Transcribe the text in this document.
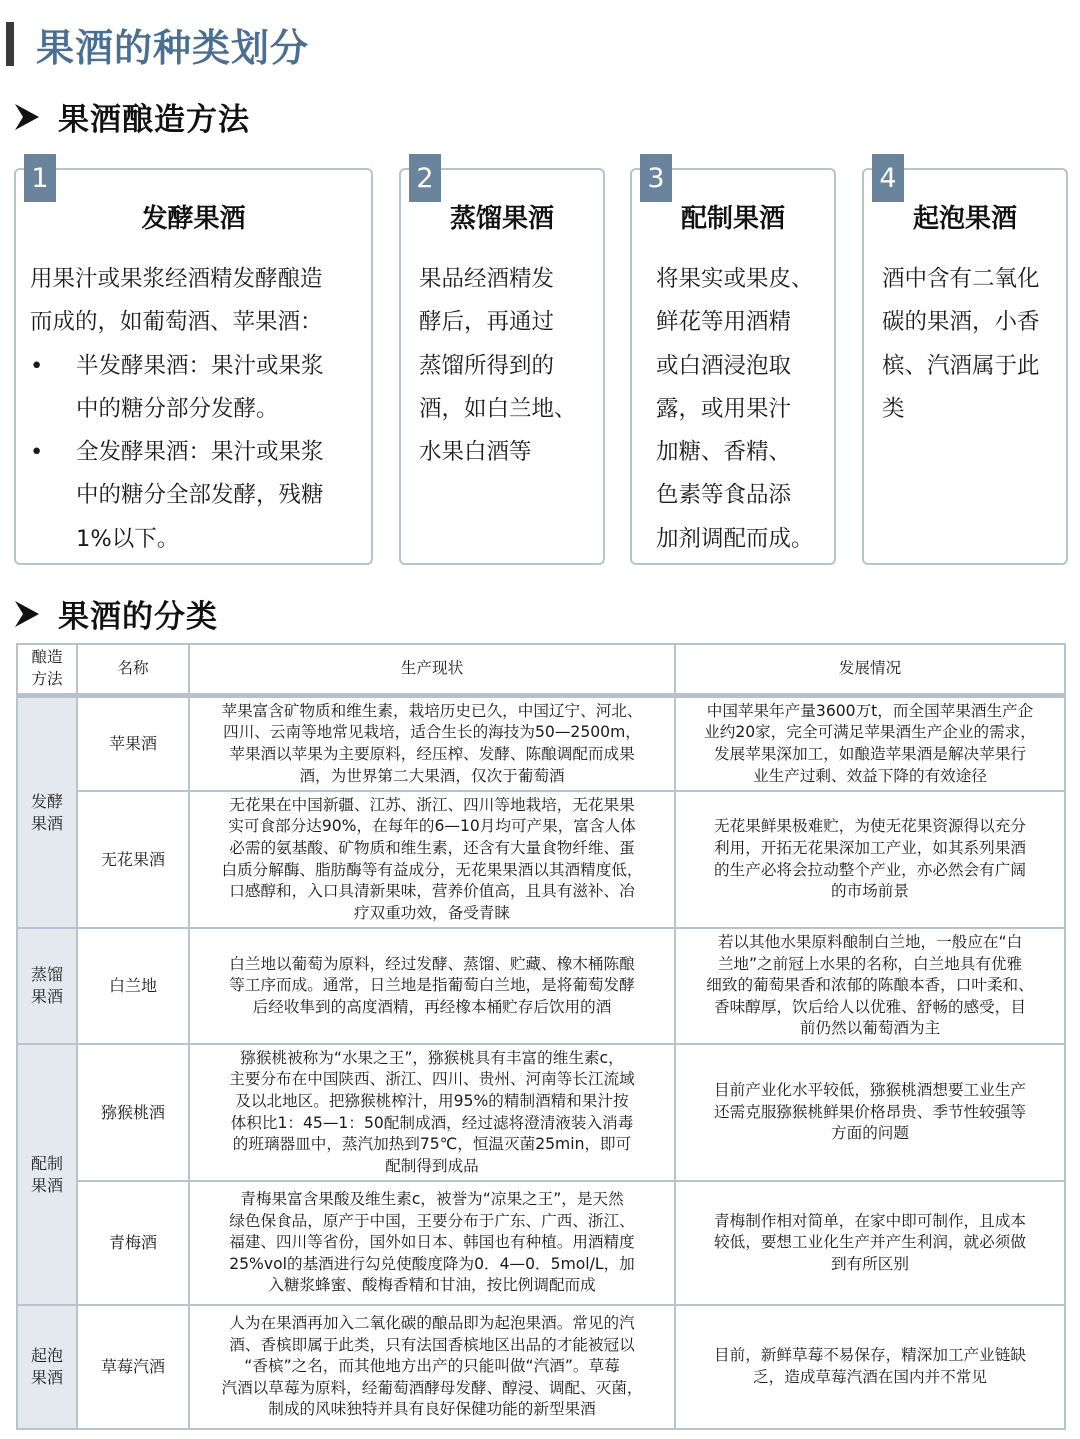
果酒的种类划分
果酒酿造方法
1
发酵果酒
用果汁或果浆经酒精发酵酿造
而成的，如葡萄酒、苹果酒：
• 半发酵果酒：果汁或果浆
中的糖分部分发酵。
• 全发酵果酒：果汁或果浆
中的糖分全部发酵，残糖
1%以下。
2
蒸馏果酒
果品经酒精发
酵后，再通过
蒸馏所得到的
酒，如白兰地、
水果白酒等
3
配制果酒
将果实或果皮、
鲜花等用酒精
或白酒浸泡取
露，或用果汁
加糖、香精、
色素等食品添
加剂调配而成。
4
起泡果酒
酒中含有二氧化
碳的果酒，小香
槟、汽酒属于此
类
果酒的分类
酿造
方法
名称	生产现状	发展情况
发酵
果酒
蒸馏
果酒
配制
果酒
起泡
果酒
苹果酒
苹果富含矿物质和维生素，栽培历史已久，中国辽宁、河北、
四川、云南等地常见栽培，适合生长的海技为50—2500m，
苹果酒以苹果为主要原料，经压榨、发酵、陈酿调配而成果
酒，为世界第二大果酒，仅次于葡萄酒
中国苹果年产量3600万t，而全国苹果酒生产企
业约20家，完全可满足苹果酒生产企业的需求，
发展苹果深加工，如酿造苹果酒是解决苹果行
业生产过剩、效益下降的有效途径
无花果酒
无花果在中国新疆、江苏、浙江、四川等地栽培，无花果果
实可食部分达90%，在每年的6—10月均可产果，富含人体
必需的氨基酸、矿物质和维生素，还含有大量食物纤维、蛋
白质分解酶、脂肪酶等有益成分，无花果果酒以其酒精度低，
口感醇和，入口具清新果味，营养价值高，且具有滋补、冶
疗双重功效，备受青睐
无花果鲜果极难贮，为使无花果资源得以充分
利用，开拓无花果深加工产业，如其系列果酒
的生产必将会拉动整个产业，亦必然会有广阔
的市场前景
白兰地
白兰地以葡萄为原料，经过发酵、蒸馏、贮藏、橡木桶陈酿
等工序而成。通常，日兰地是指葡萄白兰地，是将葡萄发酵
后经收隼到的高度酒精，再经橡本桶贮存后饮用的酒
若以其他水果原料酿制白兰地，一般应在“白
兰地”之前冠上水果的名称，白兰地具有优雅
细致的葡萄果香和浓郁的陈酿本香，口叶柔和、
香味醇厚，饮后给人以优雅、舒畅的感受，目
前仍然以葡萄酒为主
猕猴桃酒
猕猴桃被称为“水果之王”，猕猴桃具有丰富的维生素c，
主要分布在中国陕西、浙江、四川、贵州、河南等长江流域
及以北地区。把猕猴桃榨汁，用95%的精制酒精和果汁按
体积比1：45—1：50配制成酒，经过滤将澄清液装入消毒
的班璃器皿中，蒸汽加热到75℃，恒温灭菌25min，即可
配制得到成品
目前产业化水平较低，猕猴桃酒想要工业生产
还需克服猕猴桃鲜果价格昂贵、季节性较强等
方面的问题
青梅酒
青梅果富含果酸及维生素c，被誉为“凉果之王”，是天然
绿色保食品，原产于中国，王要分布于广东、广西、浙江、
福建、四川等省份，国外如日本、韩国也有种植。用酒精度
25%vol的基酒进行勾兑使酸度降为0．4—0．5mol/L，加
入糖浆蜂蜜、酸梅香精和甘油，按比例调配而成
青梅制作相对简单，在家中即可制作，且成本
较低，要想工业化生产并产生利润，就必须做
到有所区别
草莓汽酒
人为在果酒再加入二氧化碳的酿品即为起泡果酒。常见的汽
酒、香槟即属于此类，只有法国香槟地区出品的才能被冠以
“香槟”之名，而其他地方出产的只能叫做“汽酒”。草莓
汽酒以草莓为原料，经葡萄酒酵母发酵、醇浸、调配、灭菌，
制成的风味独特并具有良好保健功能的新型果酒
目前，新鲜草莓不易保存，精深加工产业链缺
乏，造成草莓汽酒在国内并不常见
